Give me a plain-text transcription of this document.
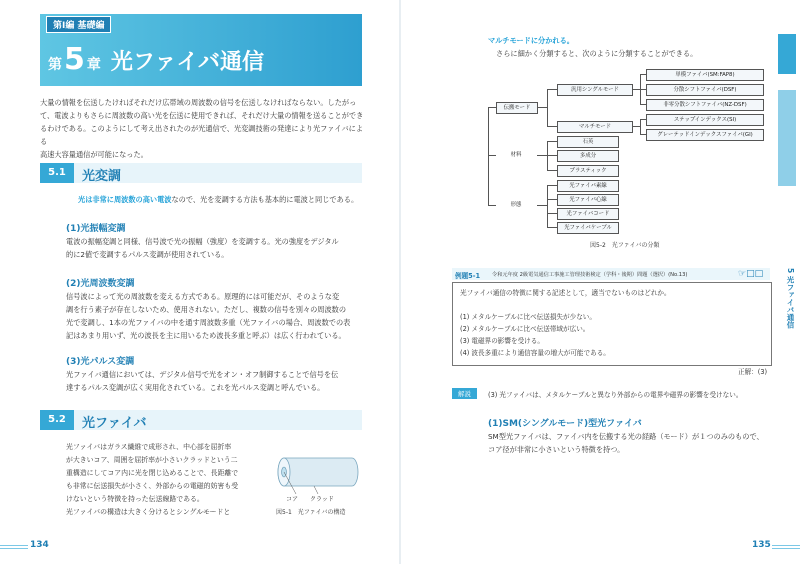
第Ⅰ編 基礎編
第5 章 光ファイバ通信
大量の情報を伝送したければそれだけ広帯域の周波数の信号を伝送しなければならない。したがっ
て、電波よりもさらに周波数の高い光を伝送に使用できれば、それだけ大量の情報を送ることができ
るわけである。このようにして考え出されたのが光通信で、光変調技術の発達により光ファイバによる
高速大容量通信が可能になった。
5.1	光変調
光は非常に周波数の高い電波なので、光を変調する方法も基本的に電波と同じである。
(1)光振幅変調
電波の振幅変調と同様、信号波で光の振幅（強度）を変調する。光の強度をデジタル
的に2値で変調するパルス変調が使用されている。
(2)光周波数変調
信号波によって光の周波数を変える方式である。原理的には可能だが、そのような変
調を行う素子が存在しないため、使用されない。ただし、複数の信号を別々の周波数の
光で変調し、1本の光ファイバの中を通す周波数多重（光ファイバの場合、周波数での表
記はあまり用いず、光の波長を主に用いるため波長多重と呼ぶ）は広く行われている。
(3)光パルス変調
光ファイバ通信においては、デジタル信号で光をオン・オフ制御することで信号を伝
達するパルス変調が広く実用化されている。これを光パルス変調と呼んでいる。
5.2	光ファイバ
光ファイバはガラス繊維で成形され、中心部を屈折率
が大きいコア、周囲を屈折率が小さいクラッドという二
重構造にしてコア内に光を閉じ込めることで、長距離で
も非常に伝送損失が小さく、外部からの電磁的妨害も受
けないという特徴を持った伝送線路である。
光ファイバの構造は大きく分けるとシングルモードと
コア クラッド
図5-1　光ファイバの構造
134
マルチモードに分かれる。
さらに細かく分類すると、次のように分類することができる。
伝搬モード
汎用シングルモード
単模ファイバ(SM:FAP8)
分散シフトファイバ(DSF)
非零分散シフトファイバ(NZ-DSF)
マルチモード
ステップインデックス(SI)
グレーテッドインデックスファイバ(GI)
材料
石英
多成分
プラスティック
形態
光ファイバ素線
光ファイバ心線
光ファイバコード
光ファイバケーブル
図5-2　光ファイバの分類
例題5-1 令和元年度 2級電気通信工事施工管理技術検定（学科・後期）問題（選択）(No.13)	☞□□
光ファイバ通信の特徴に関する記述として，適当でないものはどれか。
(1) メタルケーブルに比べ伝送損失が少ない。
(2) メタルケーブルに比べ伝送帯域が広い。
(3) 電磁界の影響を受ける。
(4) 波長多重により通信容量の増大が可能である。
正解：(3)
解説	(3) 光ファイバは、メタルケーブルと異なり外部からの電界や磁界の影響を受けない。
(1)SM(シングルモード)型光ファイバ
SM型光ファイバは、ファイバ内を伝搬する光の経路（モード）が１つのみのもので、
コア径が非常に小さいという特徴を持つ。
5 光ファイバ通信
135
